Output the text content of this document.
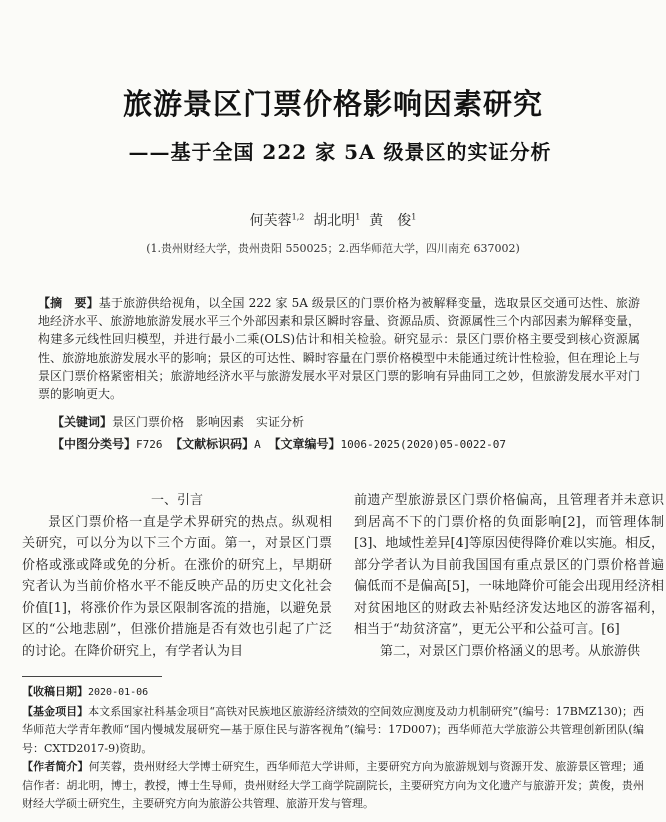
旅游景区门票价格影响因素研究
——基于全国 222 家 5A 级景区的实证分析
何芙蓉$^{1,2}$ 胡北明$^1$ 黄　俊$^1$
(1.贵州财经大学，贵州贵阳 550025；2.西华师范大学，四川南充 637002)
【摘　要】基于旅游供给视角，以全国 222 家 5A 级景区的门票价格为被解释变量，选取景区交通可达性、旅游地经济水平、旅游地旅游发展水平三个外部因素和景区瞬时容量、资源品质、资源属性三个内部因素为解释变量，构建多元线性回归模型，并进行最小二乘(OLS)估计和相关检验。研究显示：景区门票价格主要受到核心资源属性、旅游地旅游发展水平的影响；景区的可达性、瞬时容量在门票价格模型中未能通过统计性检验，但在理论上与景区门票价格紧密相关；旅游地经济水平与旅游发展水平对景区门票的影响有异曲同工之妙，但旅游发展水平对门票的影响更大。
【关键词】景区门票价格　影响因素　实证分析
【中图分类号】F726 【文献标识码】A 【文章编号】1006-2025(2020)05-0022-07

一、引言

景区门票价格一直是学术界研究的热点。纵观相关研究，可以分为以下三个方面。第一，对景区门票价格或涨或降或免的分析。在涨价的研究上，早期研究者认为当前价格水平不能反映产品的历史文化社会价值[1]，将涨价作为景区限制客流的措施，以避免景区的“公地悲剧”，但涨价措施是否有效也引起了广泛的讨论。在降价研究上，有学者认为目

前遗产型旅游景区门票价格偏高，且管理者并未意识到居高不下的门票价格的负面影响[2]，而管理体制[3]、地域性差异[4]等原因使得降价难以实施。相反，部分学者认为目前我国国有重点景区的门票价格普遍偏低而不是偏高[5]，一味地降价可能会出现用经济相对贫困地区的财政去补贴经济发达地区的游客福利，相当于“劫贫济富”，更无公平和公益可言。[6]

第二，对景区门票价格涵义的思考。从旅游供

【收稿日期】2020-01-06

【基金项目】本文系国家社科基金项目“高铁对民族地区旅游经济绩效的空间效应测度及动力机制研究”(编号：17BMZ130)；西华师范大学青年教师“国内慢城发展研究—基于原住民与游客视角”(编号：17D007)；西华师范大学旅游公共管理创新团队(编号：CXTD2017-9)资助。

【作者简介】何芙蓉，贵州财经大学博士研究生，西华师范大学讲师，主要研究方向为旅游规划与资源开发、旅游景区管理；通信作者：胡北明，博士，教授，博士生导师，贵州财经大学工商学院副院长，主要研究方向为文化遗产与旅游开发；黄俊，贵州财经大学硕士研究生，主要研究方向为旅游公共管理、旅游开发与管理。
